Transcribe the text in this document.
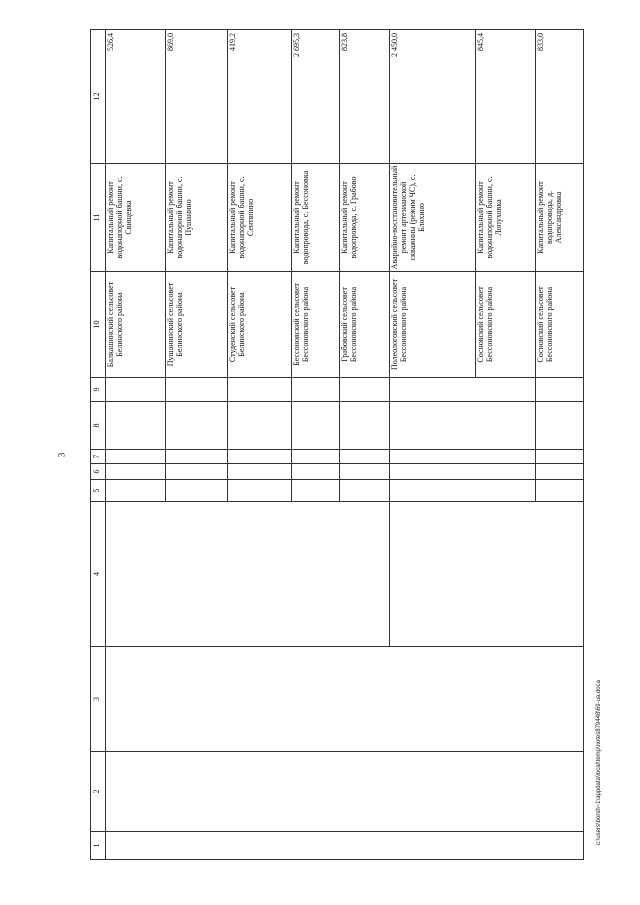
3
1	2	3	4	5	6	7	8	9	10	11	12
									Балкашинский сельсовет Белинского района	Капитальный ремонт водонапорной башни, с. Свищевка	526,4
									Пушанинский сельсовет Белинского района	Капитальный ремонт водонапорной башни, с. Пушанино	869,0
									Студенский сельсовет Белинского района	Капитальный ремонт водонапорной башни, с. Сентяпино	419,2
									Бессоновский сельсовет Бессоновского района	Капитальный ремонт водопровода, с. Бессоновка	2 695,3
									Грабовский сельсовет Бессоновского района	Капитальный ремонт водопровода, с. Грабово	823,8
									Полеологовский сельсовет Бессоновского района	Аварийно-восстановительный ремонт артезианской скважины (режим ЧС), с. Блохино	2 450,0
									Сосновский сельсовет Бессоновского района	Капитальный ремонт водонапорной башни, с. Лопуховка	845,4
									Сосновский сельсовет Бессоновского района	Капитальный ремонт водопровода, д. Александровка	833,0
c:\users\borsh~1\appdata\local\temp\notes879448\69-ua.doca
